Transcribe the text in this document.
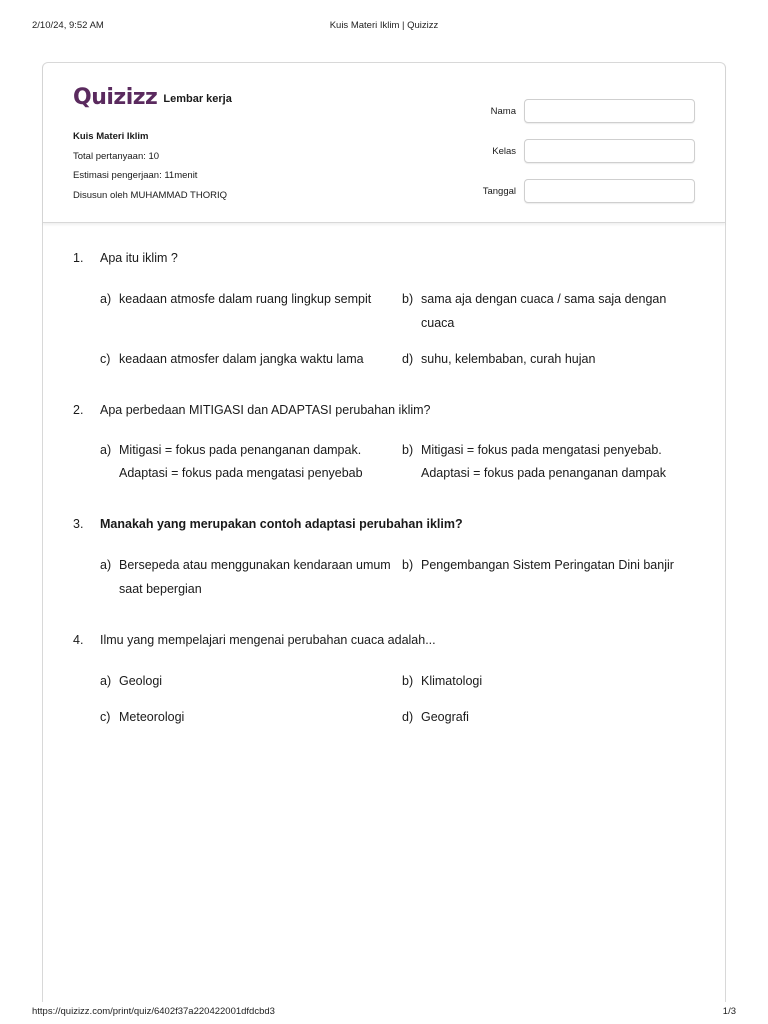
2/10/24, 9:52 AM	Kuis Materi Iklim | Quizizz
Quizizz Lembar kerja
Kuis Materi Iklim
Total pertanyaan: 10
Estimasi pengerjaan: 11menit
Disusun oleh MUHAMMAD THORIQ
Nama
Kelas
Tanggal
1.	Apa itu iklim ?
a) keadaan atmosfe dalam ruang lingkup sempit	b) sama aja dengan cuaca / sama saja dengan cuaca
c) keadaan atmosfer dalam jangka waktu lama	d) suhu, kelembaban, curah hujan
2.	Apa perbedaan MITIGASI dan ADAPTASI perubahan iklim?
a) Mitigasi = fokus pada penanganan dampak.
Adaptasi = fokus pada mengatasi penyebab
b) Mitigasi = fokus pada mengatasi penyebab.
Adaptasi = fokus pada penanganan dampak
3.	Manakah yang merupakan contoh adaptasi perubahan iklim?
a) Bersepeda atau menggunakan kendaraan umum saat bepergian
b) Pengembangan Sistem Peringatan Dini banjir
4.	Ilmu yang mempelajari mengenai perubahan cuaca adalah...
a) Geologi	b) Klimatologi
c) Meteorologi	d) Geografi
https://quizizz.com/print/quiz/6402f37a220422001dfdcbd3	1/3
